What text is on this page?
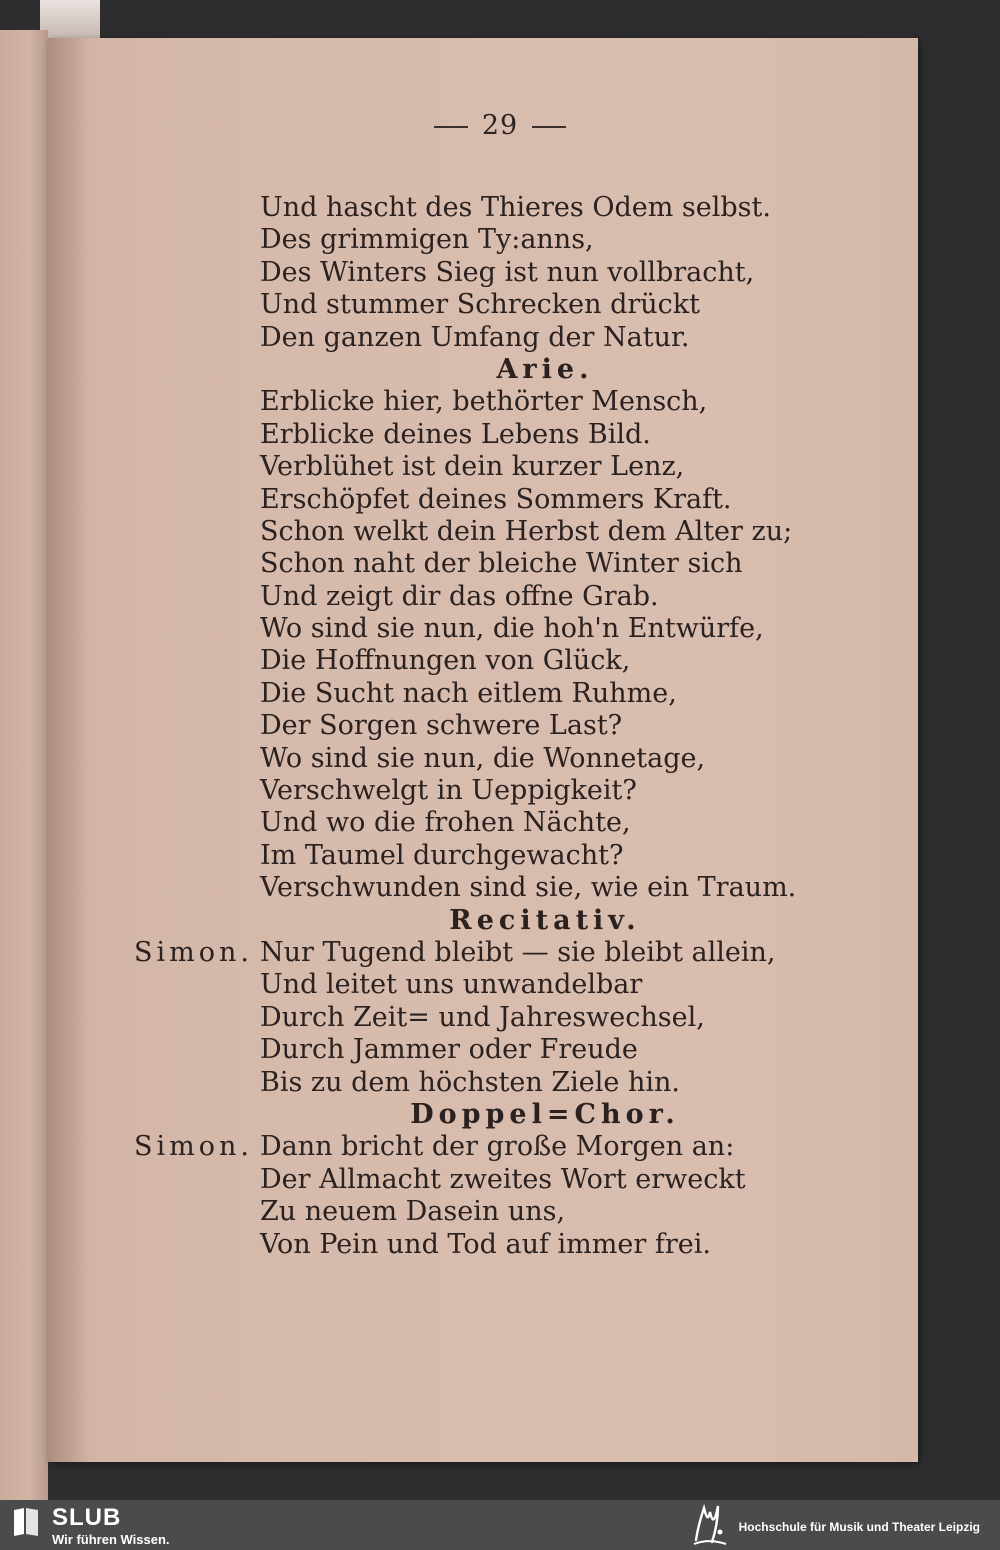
29
Und hascht des Thieres Odem selbst.
Des grimmigen Ty:anns,
Des Winters Sieg ist nun vollbracht,
Und stummer Schrecken drückt
Den ganzen Umfang der Natur.
Arie.
Erblicke hier, bethörter Mensch,
Erblicke deines Lebens Bild.
Verblühet ist dein kurzer Lenz,
Erschöpfet deines Sommers Kraft.
Schon welkt dein Herbst dem Alter zu;
Schon naht der bleiche Winter sich
Und zeigt dir das offne Grab.
Wo sind sie nun, die hoh'n Entwürfe,
Die Hoffnungen von Glück,
Die Sucht nach eitlem Ruhme,
Der Sorgen schwere Last?
Wo sind sie nun, die Wonnetage,
Verschwelgt in Ueppigkeit?
Und wo die frohen Nächte,
Im Taumel durchgewacht?
Verschwunden sind sie, wie ein Traum.
Recitativ.
Simon. Nur Tugend bleibt — sie bleibt allein,
Und leitet uns unwandelbar
Durch Zeit= und Jahreswechsel,
Durch Jammer oder Freude
Bis zu dem höchsten Ziele hin.
Doppel=Chor.
Simon. Dann bricht der große Morgen an:
Der Allmacht zweites Wort erweckt
Zu neuem Dasein uns,
Von Pein und Tod auf immer frei.
SLUB
Wir führen Wissen.
Hochschule für Musik und Theater Leipzig
